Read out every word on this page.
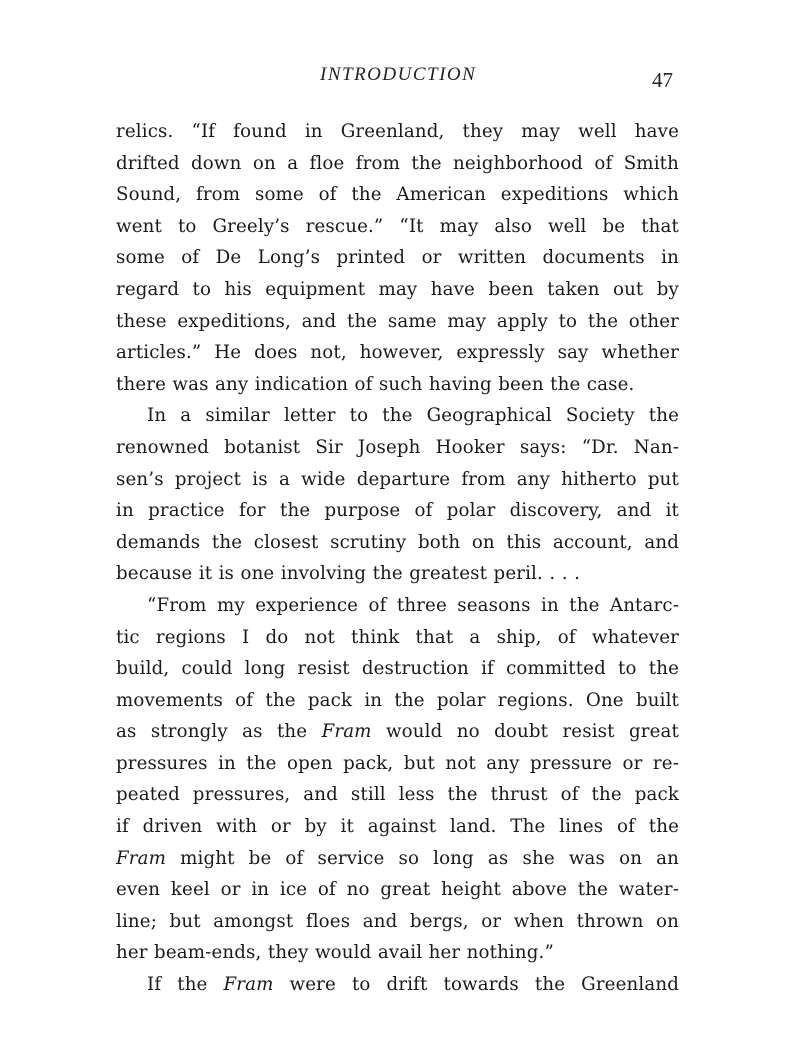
INTRODUCTION	47
relics. “If found in Greenland, they may well have
drifted down on a floe from the neighborhood of Smith
Sound, from some of the American expeditions which
went to Greely’s rescue.” “It may also well be that
some of De Long’s printed or written documents in
regard to his equipment may have been taken out by
these expeditions, and the same may apply to the other
articles.” He does not, however, expressly say whether
there was any indication of such having been the case.
In a similar letter to the Geographical Society the
renowned botanist Sir Joseph Hooker says: “Dr. Nan-
sen’s project is a wide departure from any hitherto put
in practice for the purpose of polar discovery, and it
demands the closest scrutiny both on this account, and
because it is one involving the greatest peril. . . .
“From my experience of three seasons in the Antarc-
tic regions I do not think that a ship, of whatever
build, could long resist destruction if committed to the
movements of the pack in the polar regions. One built
as strongly as the Fram would no doubt resist great
pressures in the open pack, but not any pressure or re-
peated pressures, and still less the thrust of the pack
if driven with or by it against land. The lines of the
Fram might be of service so long as she was on an
even keel or in ice of no great height above the water-
line; but amongst floes and bergs, or when thrown on
her beam-ends, they would avail her nothing.”
If the Fram were to drift towards the Greenland
